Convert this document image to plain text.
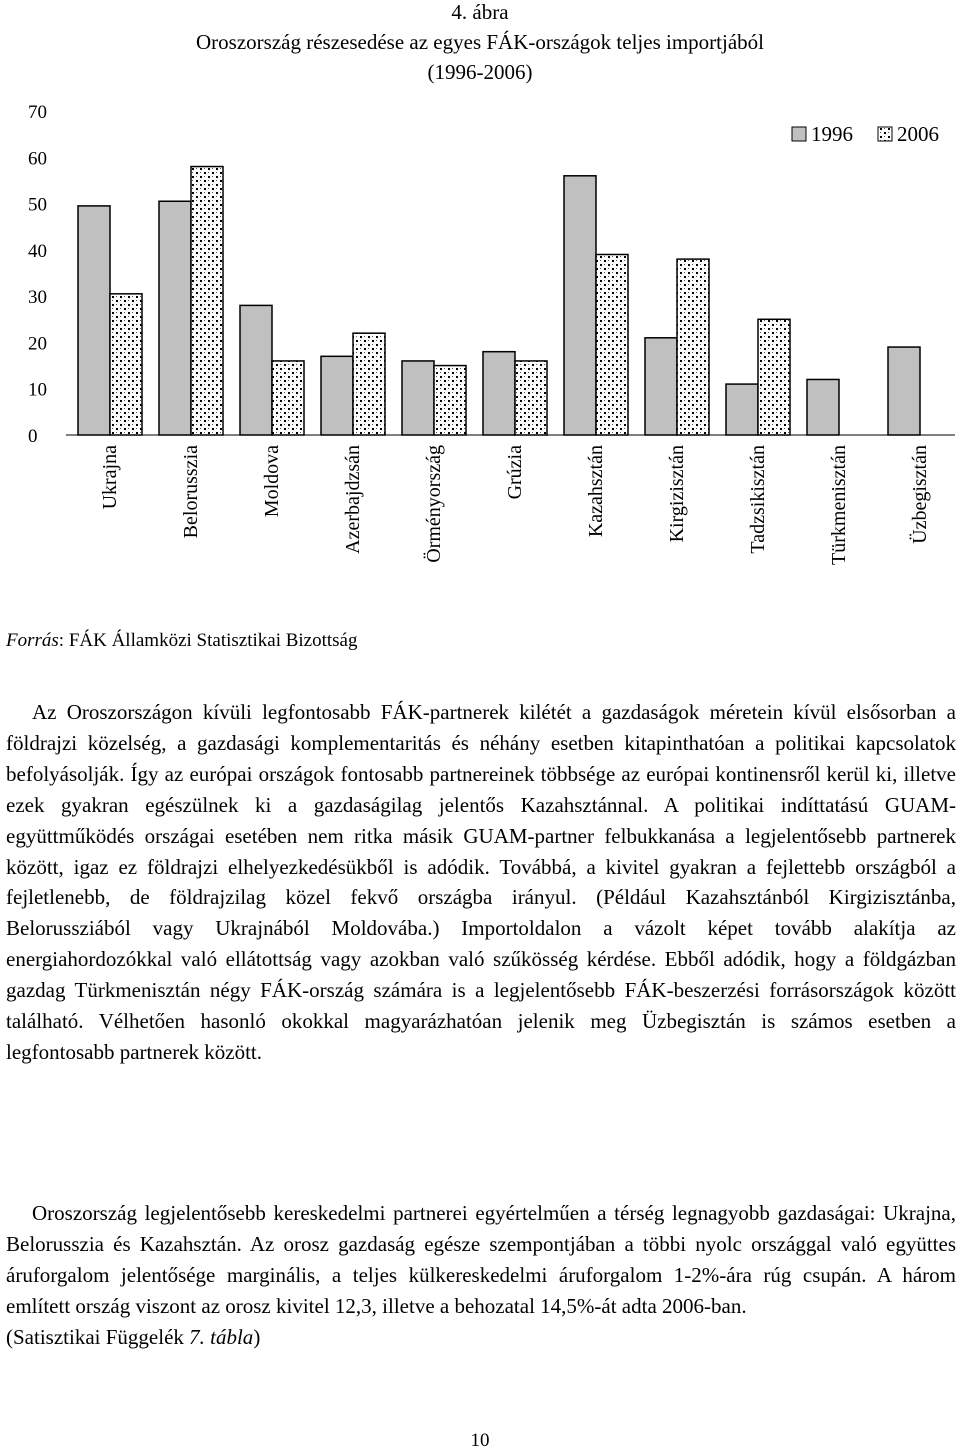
4. ábra
Oroszország részesedése az egyes FÁK-országok teljes importjából
(1996-2006)
0
10
20
30
40
50
60
70
Ukrajna	Belorusszia	Moldova	Azerbajdzsán	Örményország	Grúzia	Kazahsztán	Kirgizisztán	Tadzsikisztán	Türkmenisztán	Üzbegisztán
1996 2006
Forrás: FÁK Államközi Statisztikai Bizottság

Az Oroszországon kívüli legfontosabb FÁK-partnerek kilétét a gazdaságok méretein kívül elsősorban a földrajzi közelség, a gazdasági komplementaritás és néhány esetben kitapinthatóan a politikai kapcsolatok befolyásolják. Így az európai országok fontosabb partnereinek többsége az európai kontinensről kerül ki, illetve ezek gyakran egészülnek ki a gazdaságilag jelentős Kazahsztánnal. A politikai indíttatású GUAM-együttműködés országai esetében nem ritka másik GUAM-partner felbukkanása a legjelentősebb partnerek között, igaz ez földrajzi elhelyezkedésükből is adódik. Továbbá, a kivitel gyakran a fejlettebb országból a fejletlenebb, de földrajzilag közel fekvő országba irányul. (Például Kazahsztánból Kirgizisztánba, Belorussziából vagy Ukrajnából Moldovába.) Importoldalon a vázolt képet tovább alakítja az energiahordozókkal való ellátottság vagy azokban való szűkösség kérdése. Ebből adódik, hogy a földgázban gazdag Türkmenisztán négy FÁK-ország számára is a legjelentősebb FÁK-beszerzési forrásországok között található. Vélhetően hasonló okokkal magyarázhatóan jelenik meg Üzbegisztán is számos esetben a legfontosabb partnerek között.

Oroszország legjelentősebb kereskedelmi partnerei egyértelműen a térség legnagyobb gazdaságai: Ukrajna, Belorussziа és Kazahsztán. Az orosz gazdaság egésze szempontjában a többi nyolc országgal való együttes áruforgalom jelentősége marginális, a teljes külkereskedelmi áruforgalom 1-2%-ára rúg csupán. A három említett ország viszont az orosz kivitel 12,3, illetve a behozatal 14,5%-át adta 2006-ban.
(Satisztikai Függelék 7. tábla)

10
